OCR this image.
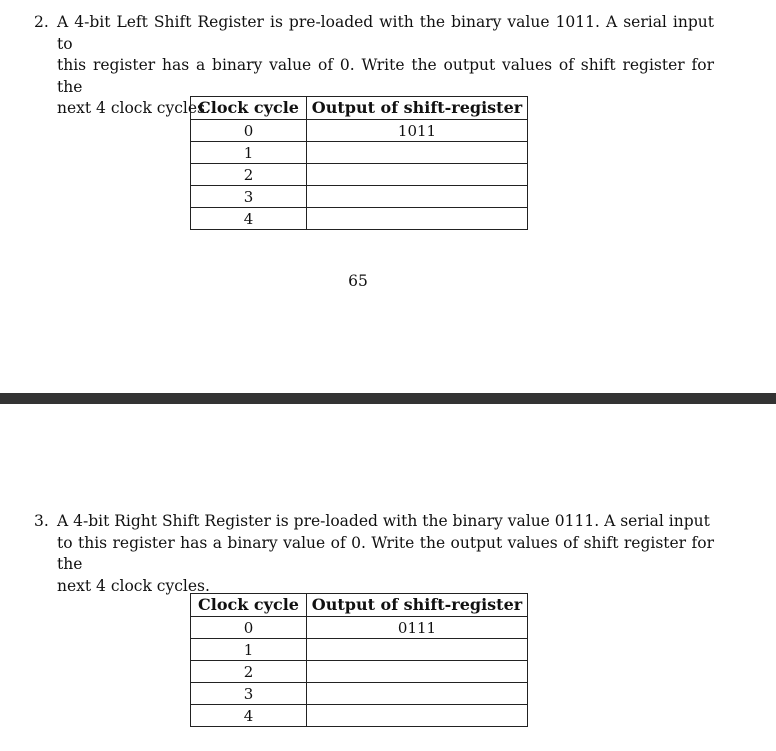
2. A 4-bit Left Shift Register is pre-loaded with the binary value 1011. A serial input to

this register has a binary value of 0. Write the output values of shift register for the

next 4 clock cycles.

Clock cycle	Output of shift-register
0	1011
1	
2	
3	
4	
65
3. A 4-bit Right Shift Register is pre-loaded with the binary value 0111. A serial input

to this register has a binary value of 0. Write the output values of shift register for the

next 4 clock cycles.

Clock cycle	Output of shift-register
0	0111
1	
2	
3	
4	
